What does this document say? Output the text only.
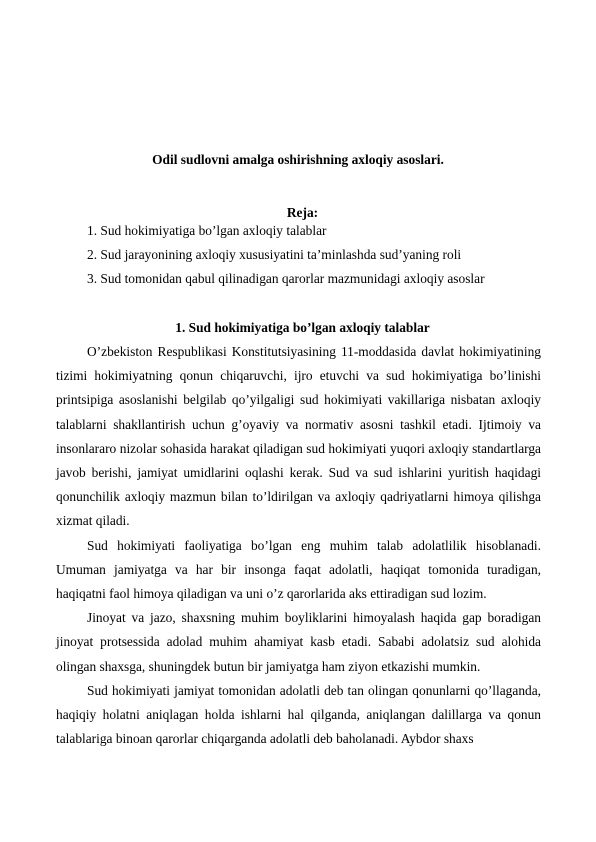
Odil sudlovni amalga oshirishning axloqiy asoslari.
Reja:
1. Sud hokimiyatiga bo’lgan axloqiy talablar
2. Sud jarayonining axloqiy xususiyatini ta’minlashda sud’yaning roli
3. Sud tomonidan qabul qilinadigan qarorlar mazmunidagi axloqiy asoslar
1. Sud hokimiyatiga bo’lgan axloqiy talablar

O’zbekiston Respublikasi Konstitutsiyasining 11-moddasida davlat hokimiyatining tizimi hokimiyatning qonun chiqaruvchi, ijro etuvchi va sud hokimiyatiga bo’linishi printsipiga asoslanishi belgilab qo’yilgaligi sud hokimiyati vakillariga nisbatan axloqiy talablarni shakllantirish uchun g’oyaviy va normativ asosni tashkil etadi. Ijtimoiy va insonlararo nizolar sohasida harakat qiladigan sud hokimiyati yuqori axloqiy standartlarga javob berishi, jamiyat umidlarini oqlashi kerak. Sud va sud ishlarini yuritish haqidagi qonunchilik axloqiy mazmun bilan to’ldirilgan va axloqiy qadriyatlarni himoya qilishga xizmat qiladi.

Sud hokimiyati faoliyatiga bo’lgan eng muhim talab adolatlilik hisoblanadi. Umuman jamiyatga va har bir insonga faqat adolatli, haqiqat tomonida turadigan, haqiqatni faol himoya qiladigan va uni o’z qarorlarida aks ettiradigan sud lozim.

Jinoyat va jazo, shaxsning muhim boyliklarini himoyalash haqida gap boradigan jinoyat protsessida adolad muhim ahamiyat kasb etadi. Sababi adolatsiz sud alohida olingan shaxsga, shuningdek butun bir jamiyatga ham ziyon etkazishi mumkin.

Sud hokimiyati jamiyat tomonidan adolatli deb tan olingan qonunlarni qo’llaganda, haqiqiy holatni aniqlagan holda ishlarni hal qilganda, aniqlangan dalillarga va qonun talablariga binoan qarorlar chiqarganda adolatli deb baholanadi. Aybdor shaxs
